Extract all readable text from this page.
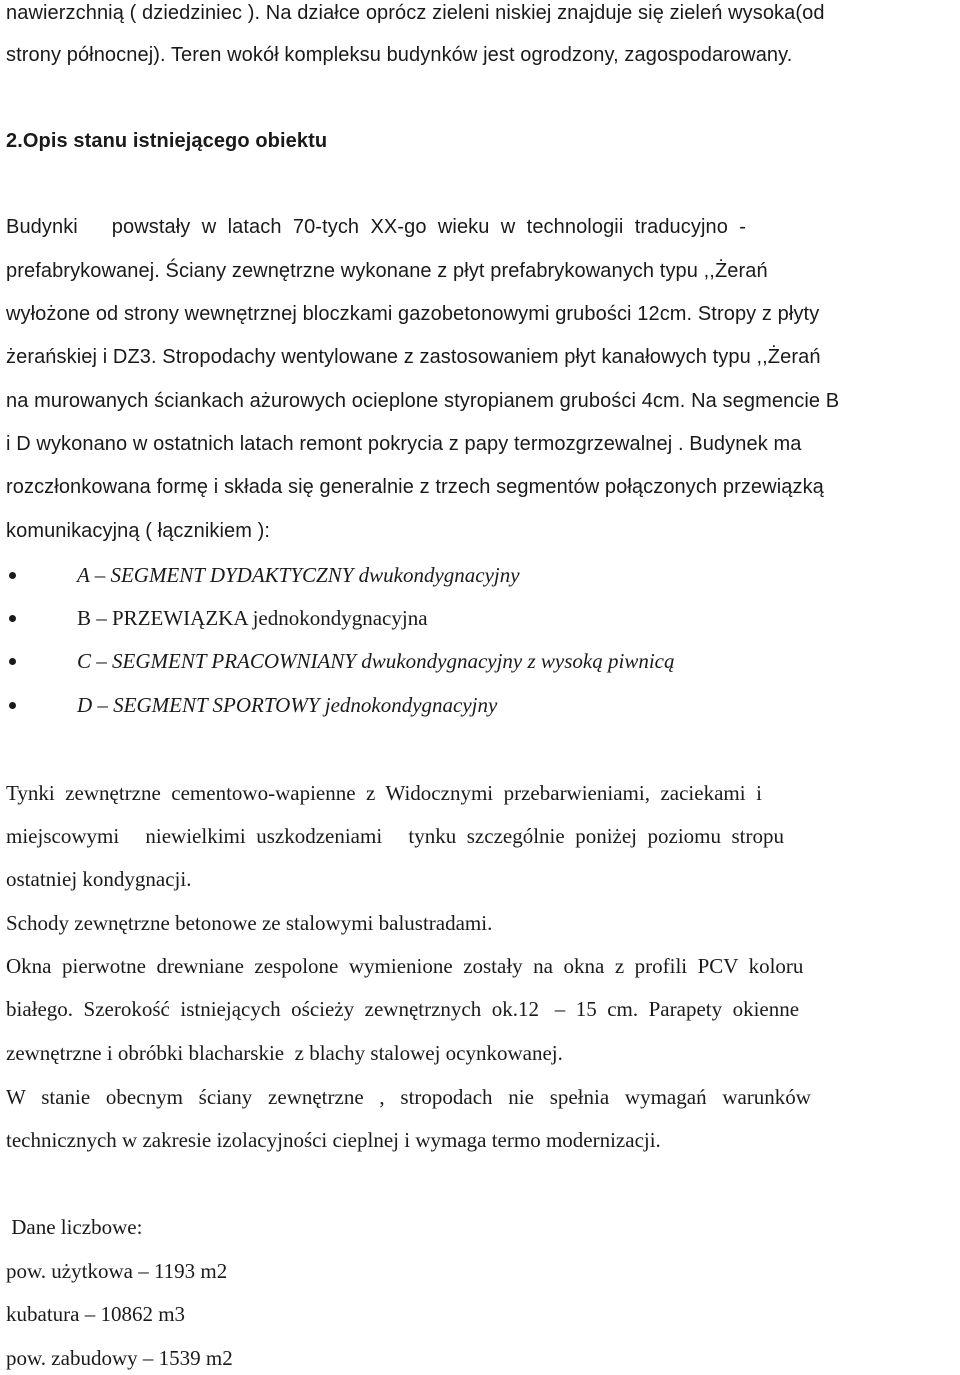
nawierzchnią ( dziedziniec ). Na działce oprócz zieleni niskiej znajduje się zieleń wysoka(od
strony północnej). Teren wokół kompleksu budynków jest ogrodzony, zagospodarowany.
2.Opis stanu istniejącego obiektu
Budynki      powstały  w  latach  70-tych  XX-go  wieku  w  technologii  traducyjno  -
prefabrykowanej. Ściany zewnętrzne wykonane z płyt prefabrykowanych typu ,,Żerań
wyłożone od strony wewnętrznej bloczkami gazobetonowymi grubości 12cm. Stropy z płyty
żerańskiej i DZ3. Stropodachy wentylowane z zastosowaniem płyt kanałowych typu ,,Żerań
na murowanych ściankach ażurowych ocieplone styropianem grubości 4cm. Na segmencie B
i D wykonano w ostatnich latach remont pokrycia z papy termozgrzewalnej . Budynek ma
rozczłonkowana formę i składa się generalnie z trzech segmentów połączonych przewiązką
komunikacyjną ( łącznikiem ):
A – SEGMENT DYDAKTYCZNY dwukondygnacyjny
B – PRZEWIĄZKA jednokondygnacyjna
C – SEGMENT PRACOWNIANY dwukondygnacyjny z wysoką piwnicą
D – SEGMENT SPORTOWY jednokondygnacyjny
Tynki  zewnętrzne  cementowo-wapienne  z  Widocznymi  przebarwieniami,  zaciekami  i
miejscowymi     niewielkimi  uszkodzeniami     tynku  szczególnie  poniżej  poziomu  stropu
ostatniej kondygnacji.
Schody zewnętrzne betonowe ze stalowymi balustradami.
Okna  pierwotne  drewniane  zespolone  wymienione  zostały  na  okna  z  profili  PCV  koloru
białego.  Szerokość  istniejących  ościeży  zewnętrznych  ok.12   –  15  cm.  Parapety  okienne
zewnętrzne i obróbki blacharskie  z blachy stalowej ocynkowanej.
W   stanie   obecnym   ściany   zewnętrzne   ,   stropodach   nie   spełnia   wymagań   warunków
technicznych w zakresie izolacyjności cieplnej i wymaga termo modernizacji.
Dane liczbowe:
pow. użytkowa – 1193 m2
kubatura – 10862 m3
pow. zabudowy – 1539 m2
